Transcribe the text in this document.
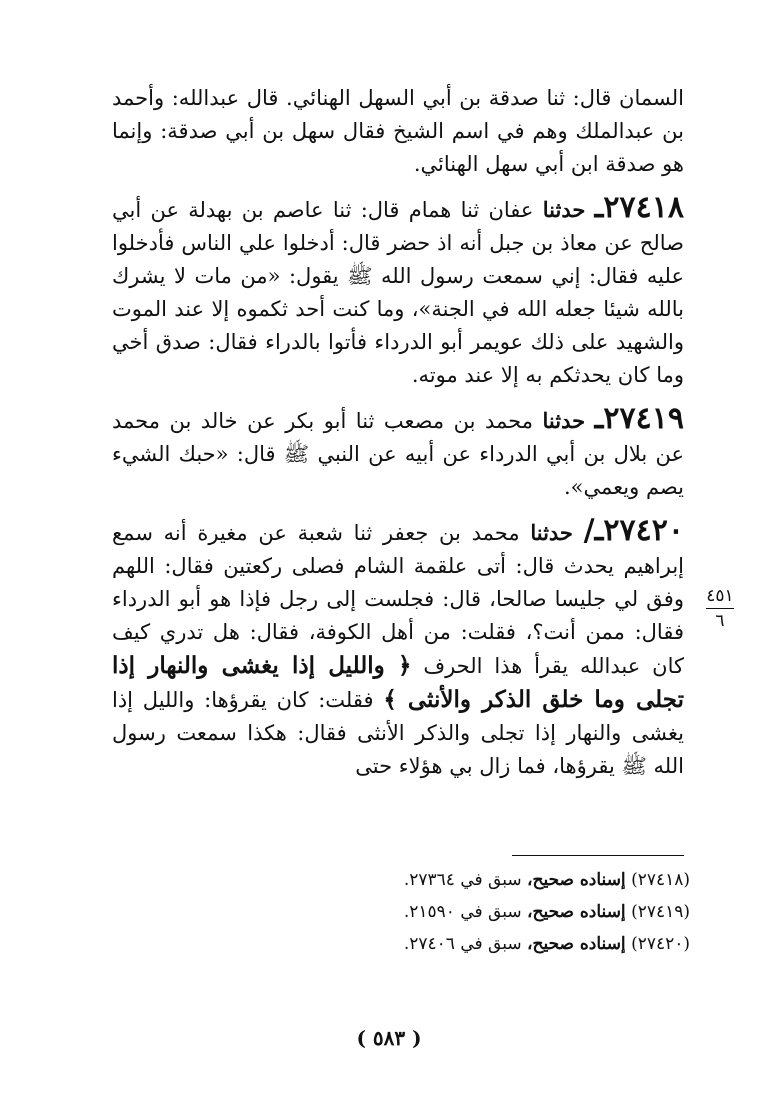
السمان قال: ثنا صدقة بن أبي السهل الهنائي. قال عبدالله: وأحمد بن عبدالملك وهم في اسم الشيخ فقال سهل بن أبي صدقة: وإنما هو صدقة ابن أبي سهل الهنائي.

٢٧٤١٨ـ حدثنا عفان ثنا همام قال: ثنا عاصم بن بهدلة عن أبي صالح عن معاذ بن جبل أنه اذ حضر قال: أدخلوا علي الناس فأدخلوا عليه فقال: إني سمعت رسول الله ﷺ يقول: «من مات لا يشرك بالله شيئا جعله الله في الجنة»، وما كنت أحد ثكموه إلا عند الموت والشهيد على ذلك عويمر أبو الدرداء فأتوا بالدراء فقال: صدق أخي وما كان يحدثكم به إلا عند موته.

٢٧٤١٩ـ حدثنا محمد بن مصعب ثنا أبو بكر عن خالد بن محمد عن بلال بن أبي الدرداء عن أبيه عن النبي ﷺ قال: «حبك الشيء يصم ويعمي».

٢٧٤٢٠ـ/ حدثنا محمد بن جعفر ثنا شعبة عن مغيرة أنه سمع إبراهيم يحدث قال: أتى علقمة الشام فصلى ركعتين فقال: اللهم وفق لي جليسا صالحا، قال: فجلست إلى رجل فإذا هو أبو الدرداء فقال: ممن أنت؟، فقلت: من أهل الكوفة، فقال: هل تدري كيف كان عبدالله يقرأ هذا الحرف ﴿ والليل إذا يغشى والنهار إذا تجلى وما خلق الذكر والأنثى ﴾ فقلت: كان يقرؤها: والليل إذا يغشى والنهار إذا تجلى والذكر الأنثى فقال: هكذا سمعت رسول الله ﷺ يقرؤها، فما زال بي هؤلاء حتى

٤٥١
٦
(٢٧٤١٨) إسناده صحيح، سبق في ٢٧٣٦٤.
(٢٧٤١٩) إسناده صحيح، سبق في ٢١٥٩٠.
(٢٧٤٢٠) إسناده صحيح، سبق في ٢٧٤٠٦.
( ٥٨٣ )
